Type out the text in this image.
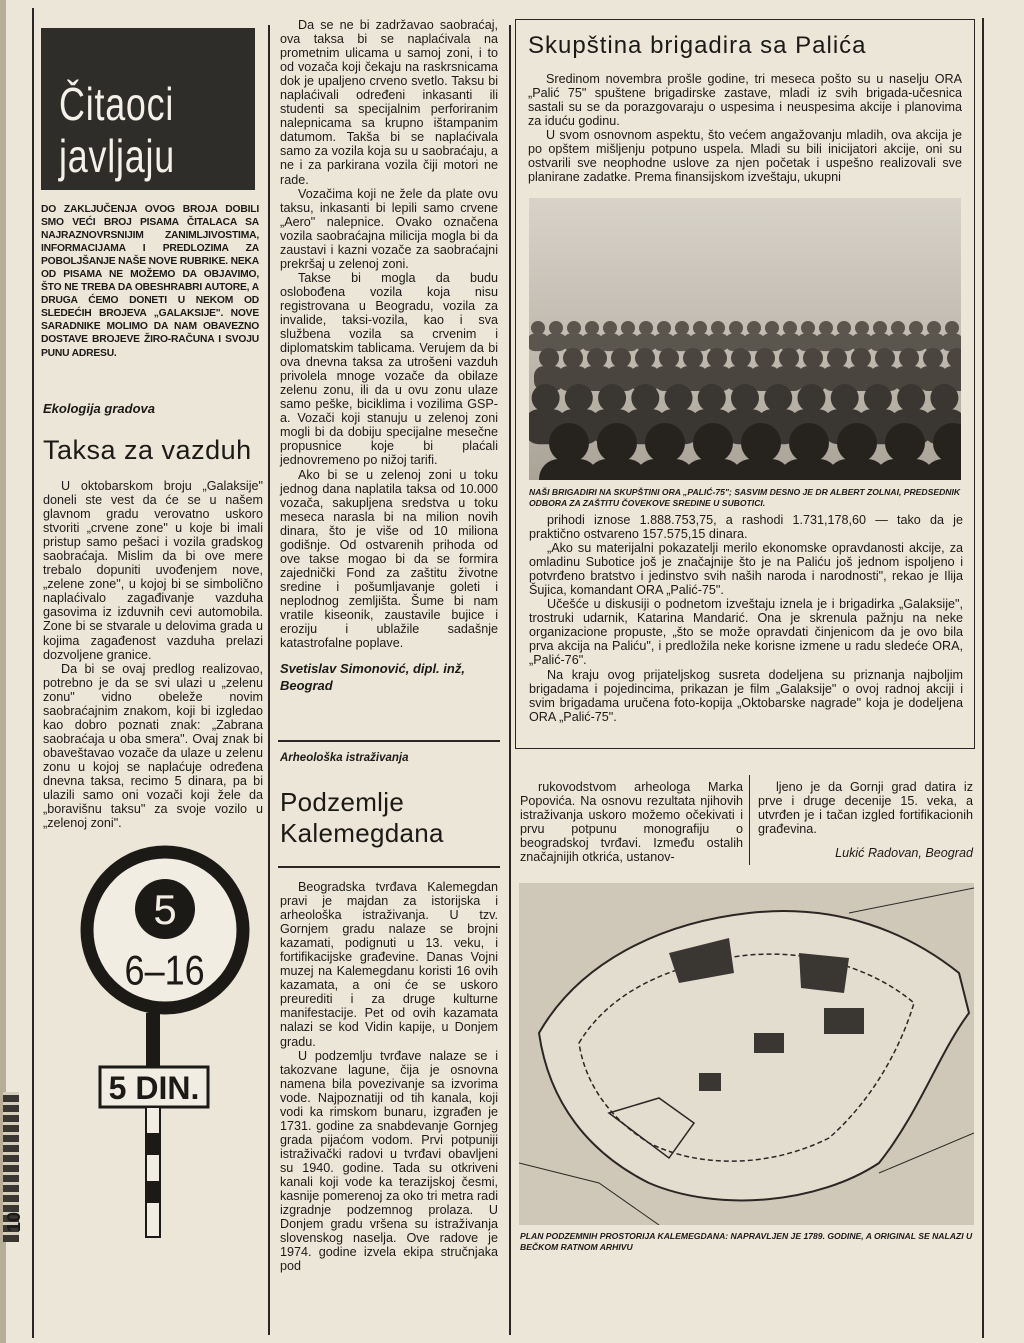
10
Čitaoci
javljaju
DO ZAKLJUČENJA OVOG BROJA DOBILI SMO VEĆI BROJ PISAMA ČITALACA SA NAJRAZNOVRSNIJIM ZANIMLJIVOSTIMA, INFORMACIJAMA I PREDLOZIMA ZA POBOLJŠANJE NAŠE NOVE RUBRIKE. NEKA OD PISAMA NE MOŽEMO DA OBJAVIMO, ŠTO NE TREBA DA OBESHRABRI AUTORE, A DRUGA ĆEMO DONETI U NEKOM OD SLEDEĆIH BROJEVA „GALAKSIJE". NOVE SARADNIKE MOLIMO DA NAM OBAVEZNO DOSTAVE BROJEVE ŽIRO-RAČUNA I SVOJU PUNU ADRESU.
Ekologija gradova
Taksa za vazduh

U oktobarskom broju „Galaksije" doneli ste vest da će se u našem glavnom gradu verovatno uskoro stvoriti „crvene zone" u koje bi imali pristup samo pešaci i vozila gradskog saobraćaja. Mislim da bi ove mere trebalo dopuniti uvođenjem nove, „zelene zone", u kojoj bi se simbolično naplaćivalo zagađivanje vazduha gasovima iz izduvnih cevi automobila. Zone bi se stvarale u delovima grada u kojima zagađenost vazduha prelazi dozvoljene granice.

Da bi se ovaj predlog realizovao, potrebno je da se svi ulazi u „zelenu zonu" vidno obeleže novim saobraćajnim znakom, koji bi izgledao kao dobro poznati znak: „Zabrana saobraćaja u oba smera". Ovaj znak bi obaveštavao vozače da ulaze u zelenu zonu u kojoj se naplaćuje određena dnevna taksa, recimo 5 dinara, pa bi ulazili samo oni vozači koji žele da „boravišnu taksu" za svoje vozilo u „zelenoj zoni".

5
6–16
5 DIN.

Da se ne bi zadržavao saobraćaj, ova taksa bi se naplaćivala na prometnim ulicama u samoj zoni, i to od vozača koji čekaju na raskrsnicama dok je upaljeno crveno svetlo. Taksu bi naplaćivali određeni inkasanti ili studenti sa specijalnim perforiranim nalepnicama sa krupno ištampanim datumom. Takša bi se naplaćivala samo za vozila koja su u saobraćaju, a ne i za parkirana vozila čiji motori ne rade.

Vozačima koji ne žele da plate ovu taksu, inkasanti bi lepili samo crvene „Aero" nalepnice. Ovako označena vozila saobraćajna milicija mogla bi da zaustavi i kazni vozače za saobraćajni prekršaj u zelenoj zoni.

Takse bi mogla da budu oslobođena vozila koja nisu registrovana u Beogradu, vozila za invalide, taksi-vozila, kao i sva službena vozila sa crvenim i diplomatskim tablicama. Verujem da bi ova dnevna taksa za utrošeni vazduh privolela mnoge vozače da obilaze zelenu zonu, ili da u ovu zonu ulaze samo peške, biciklima i vozilima GSP-a. Vozači koji stanuju u zelenoj zoni mogli bi da dobiju specijalne mesečne propusnice koje bi plaćali jednovremeno po nižoj tarifi.

Ako bi se u zelenoj zoni u toku jednog dana naplatila taksa od 10.000 vozača, sakupljena sredstva u toku meseca narasla bi na milion novih dinara, što je više od 10 miliona godišnje. Od ostvarenih prihoda od ove takse mogao bi da se formira zajednički Fond za zaštitu životne sredine i pošumljavanje goleti i neplodnog zemljišta. Šume bi nam vratile kiseonik, zaustavile bujice i eroziju i ublažile sadašnje katastrofalne poplave.

Svetislav Simonović, dipl. inž,
Beograd
Arheološka istraživanja
Podzemlje
Kalemegdana

Beogradska tvrđava Kalemegdan pravi je majdan za istorijska i arheološka istraživanja. U tzv. Gornjem gradu nalaze se brojni kazamati, podignuti u 13. veku, i fortifikacijske građevine. Danas Vojni muzej na Kalemegdanu koristi 16 ovih kazamata, a oni će se uskoro preurediti i za druge kulturne manifestacije. Pet od ovih kazamata nalazi se kod Vidin kapije, u Donjem gradu.

U podzemlju tvrđave nalaze se i takozvane lagune, čija je osnovna namena bila povezivanje sa izvorima vode. Najpoznatiji od tih kanala, koji vodi ka rimskom bunaru, izgrađen je 1731. godine za snabdevanje Gornjeg grada pijaćom vodom. Prvi potpuniji istraživački radovi u tvrđavi obavljeni su 1940. godine. Tada su otkriveni kanali koji vode ka terazijskoj česmi, kasnije pomerenoj za oko tri metra radi izgradnje podzemnog prolaza. U Donjem gradu vršena su istraživanja slovenskog naselja. Ove radove je 1974. godine izvela ekipa stručnjaka pod

Skupština brigadira sa Palića

Sredinom novembra prošle godine, tri meseca pošto su u naselju ORA „Palić 75" spuštene brigadirske zastave, mladi iz svih brigada-učesnica sastali su se da porazgovaraju o uspesima i neuspesima akcije i planovima za iduću godinu.

U svom osnovnom aspektu, što većem angažovanju mladih, ova akcija je po opštem mišljenju potpuno uspela. Mladi su bili inicijatori akcije, oni su ostvarili sve neophodne uslove za njen početak i uspešno realizovali sve planirane zadatke. Prema finansijskom izveštaju, ukupni

NAŠI BRIGADIRI NA SKUPŠTINI ORA „PALIĆ-75"; SASVIM DESNO JE DR ALBERT ZOLNAI, PREDSEDNIK ODBORA ZA ZAŠTITU ČOVEKOVE SREDINE U SUBOTICI.

prihodi iznose 1.888.753,75, a rashodi 1.731,178,60 — tako da je praktično ostvareno 157.575,15 dinara.

„Ako su materijalni pokazatelji merilo ekonomske opravdanosti akcije, za omladinu Subotice još je značajnije što je na Paliću još jednom ispoljeno i potvrđeno bratstvo i jedinstvo svih naših naroda i narodnosti", rekao je Ilija Šujica, komandant ORA „Palić-75".

Učešće u diskusiji o podnetom izveštaju iznela je i brigadirka „Galaksije", trostruki udarnik, Katarina Mandarić. Ona je skrenula pažnju na neke organizacione propuste, „što se može opravdati činjenicom da je ovo bila prva akcija na Paliću", i predložila neke korisne izmene u radu sledeće ORA, „Palić-76".

Na kraju ovog prijateljskog susreta dodeljena su priznanja najboljim brigadama i pojedincima, prikazan je film „Galaksije" o ovoj radnoj akciji i svim brigadama uručena foto-kopija „Oktobarske nagrade" koja je dodeljena ORA „Palić-75".

rukovodstvom arheologa Marka Popovića. Na osnovu rezultata njihovih istraživanja uskoro možemo očekivati i prvu potpunu monografiju o beogradskoj tvrđavi. Između ostalih značajnijih otkrića, ustanov-

ljeno je da Gornji grad datira iz prve i druge decenije 15. veka, a utvrđen je i tačan izgled fortifikacionih građevina.

Lukić Radovan, Beograd
PLAN PODZEMNIH PROSTORIJA KALEMEGDANA: NAPRAVLJEN JE 1789. GODINE, A ORIGINAL SE NALAZI U BEČKOM RATNOM ARHIVU
